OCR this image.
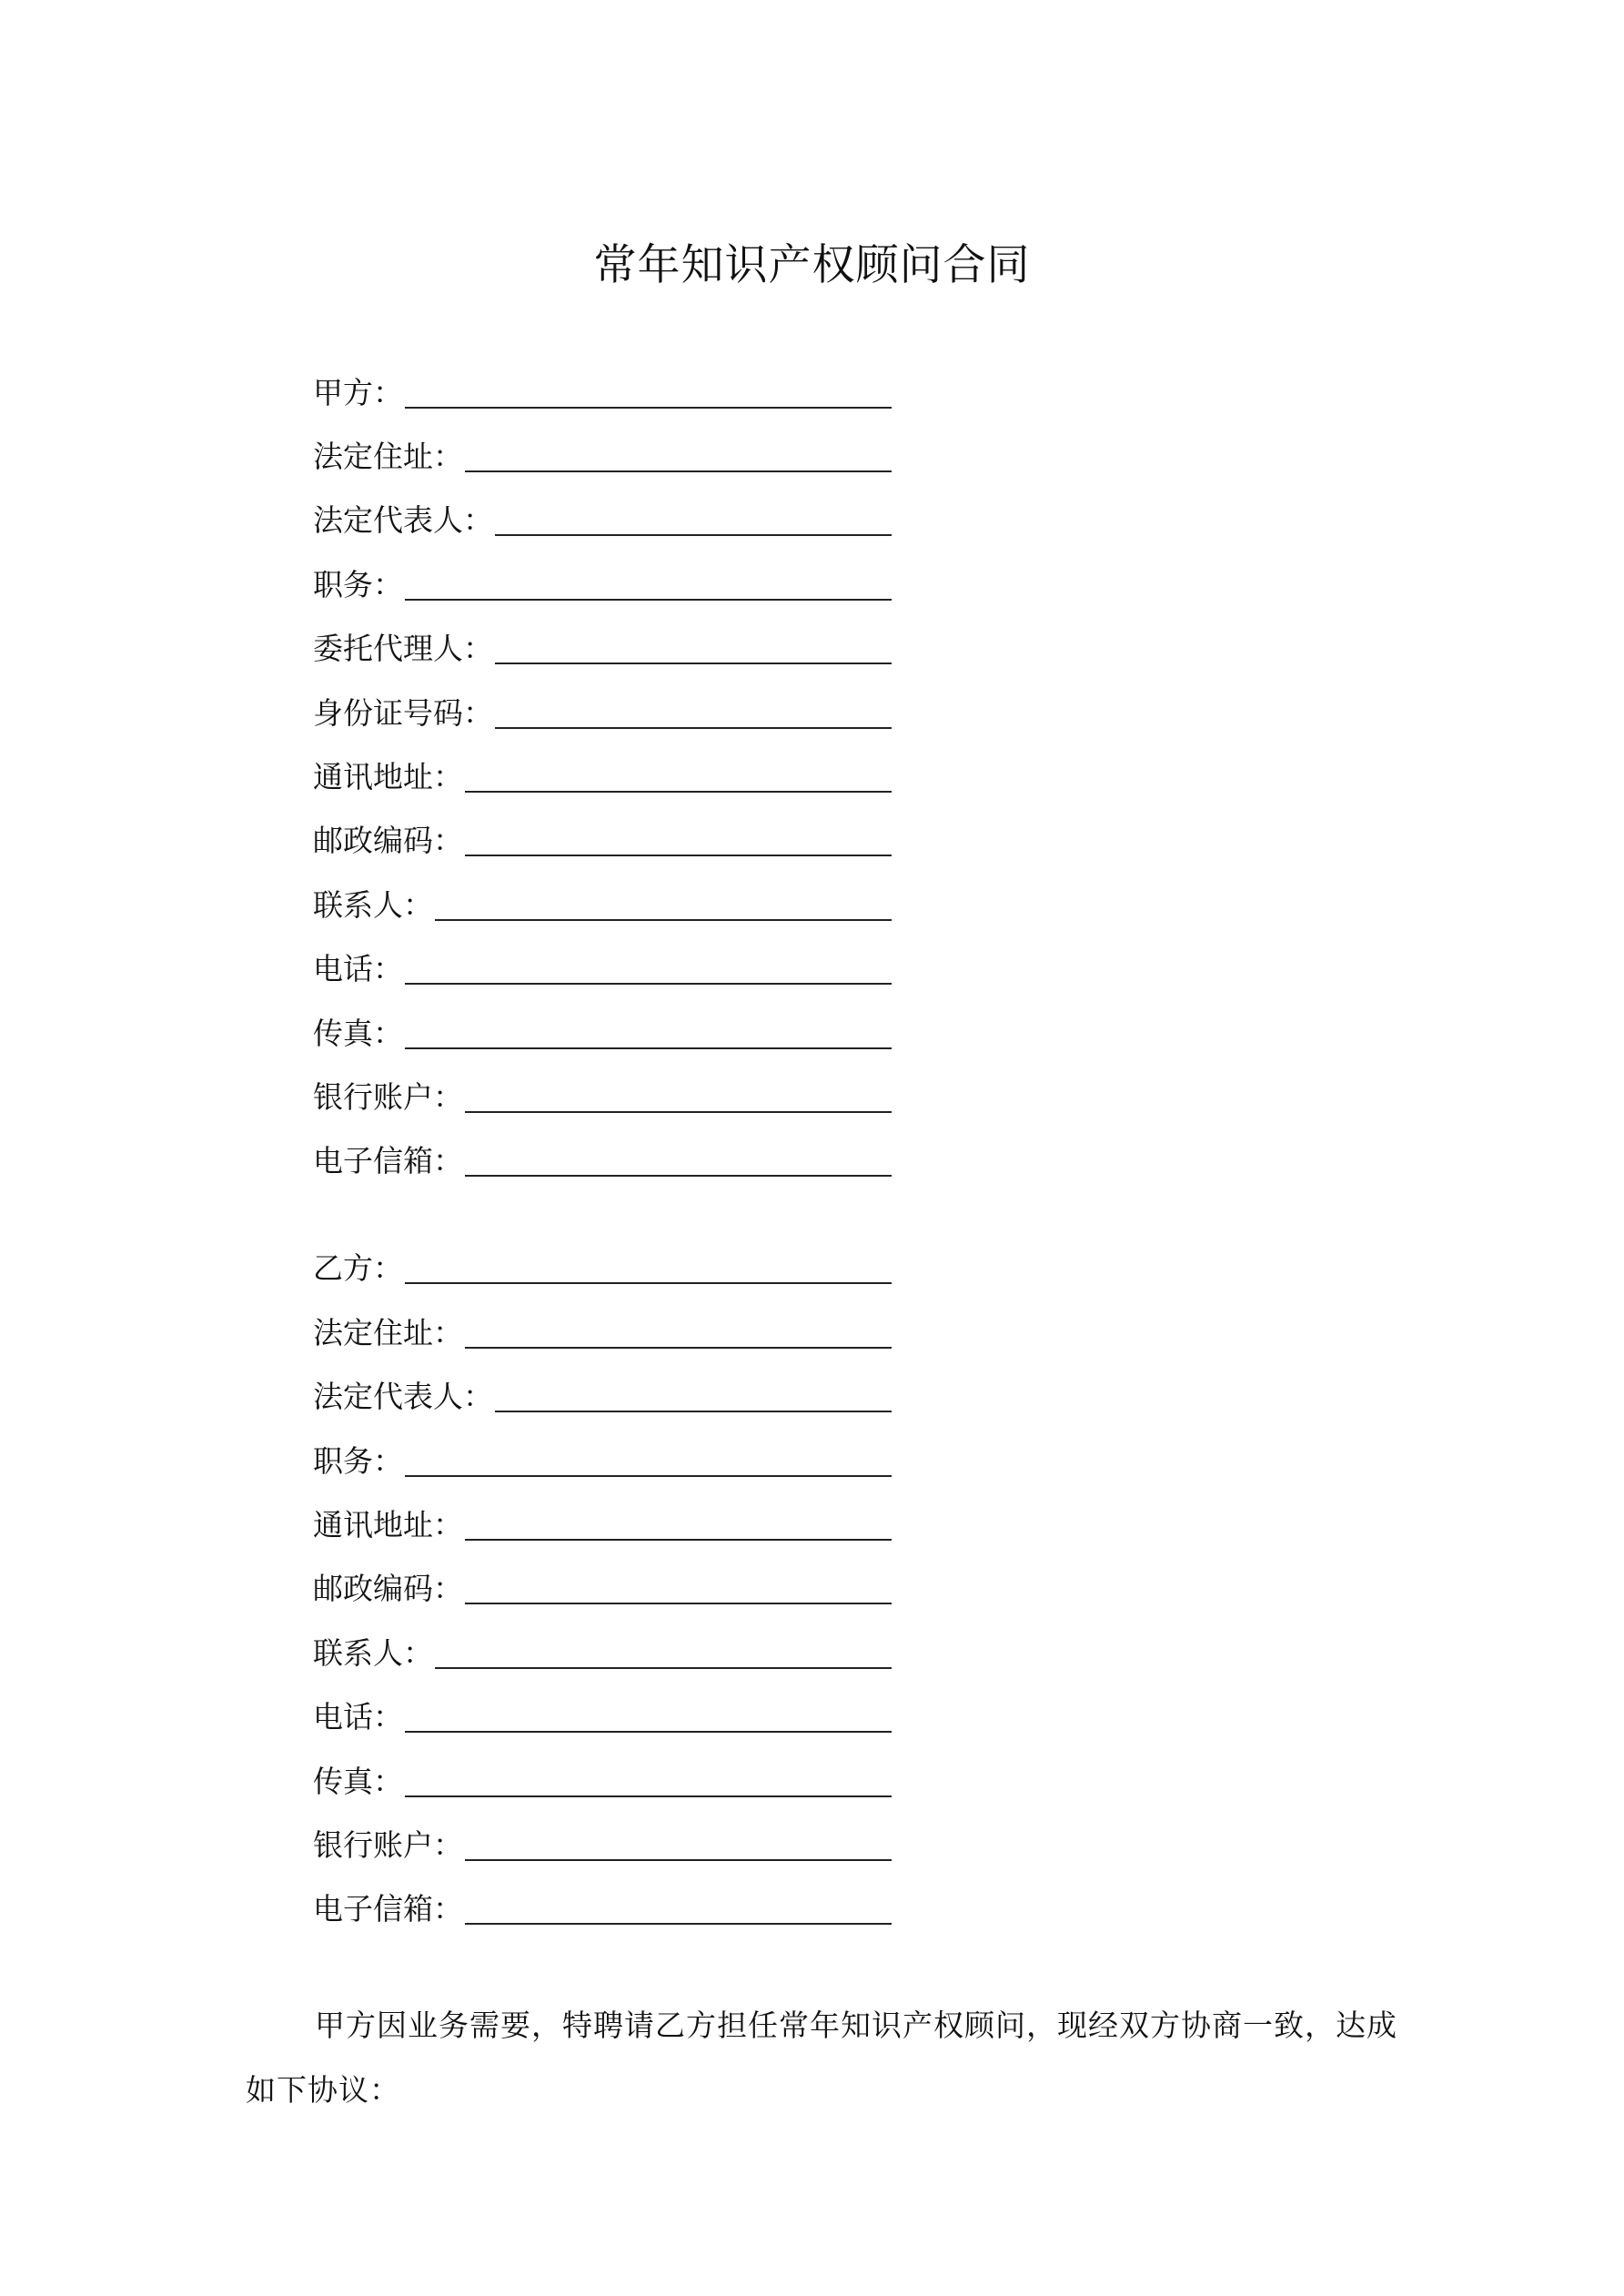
常年知识产权顾问合同
甲方：
法定住址：
法定代表人：
职务：
委托代理人：
身份证号码：
通讯地址：
邮政编码：
联系人：
电话：
传真：
银行账户：
电子信箱：
乙方：
法定住址：
法定代表人：
职务：
通讯地址：
邮政编码：
联系人：
电话：
传真：
银行账户：
电子信箱：

甲方因业务需要，特聘请乙方担任常年知识产权顾问，现经双方协商一致，达成如下协议：
